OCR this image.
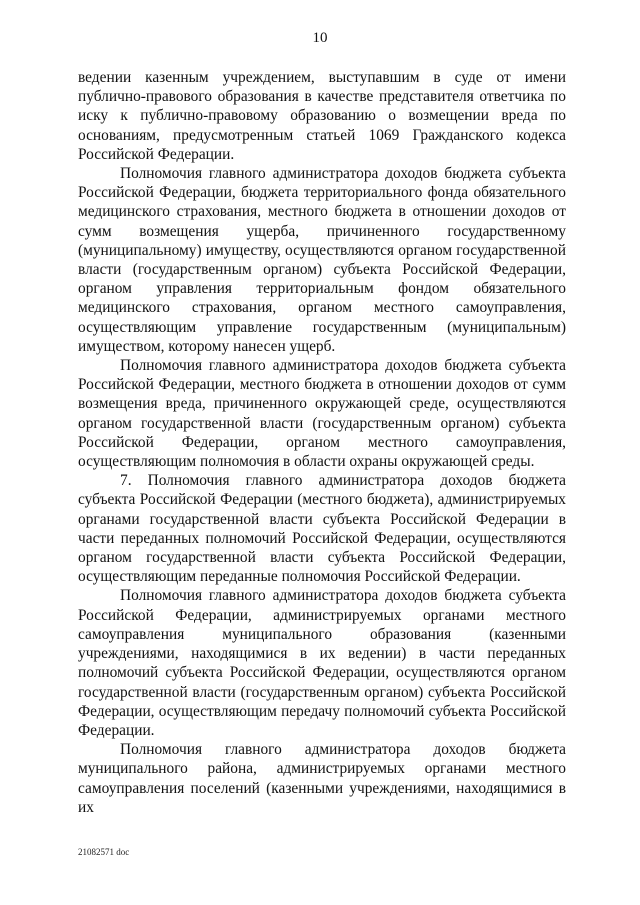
10

ведении казенным учреждением, выступавшим в суде от имени публично-правового образования в качестве представителя ответчика по иску к публично-правовому образованию о возмещении вреда по основаниям, предусмотренным статьей 1069 Гражданского кодекса Российской Федерации.

Полномочия главного администратора доходов бюджета субъекта Российской Федерации, бюджета территориального фонда обязательного медицинского страхования, местного бюджета в отношении доходов от сумм возмещения ущерба, причиненного государственному (муниципальному) имуществу, осуществляются органом государственной власти (государственным органом) субъекта Российской Федерации, органом управления территориальным фондом обязательного медицинского страхования, органом местного самоуправления, осуществляющим управление государственным (муниципальным) имуществом, которому нанесен ущерб.

Полномочия главного администратора доходов бюджета субъекта Российской Федерации, местного бюджета в отношении доходов от сумм возмещения вреда, причиненного окружающей среде, осуществляются органом государственной власти (государственным органом) субъекта Российской Федерации, органом местного самоуправления, осуществляющим полномочия в области охраны окружающей среды.

7. Полномочия главного администратора доходов бюджета субъекта Российской Федерации (местного бюджета), администрируемых органами государственной власти субъекта Российской Федерации в части переданных полномочий Российской Федерации, осуществляются органом государственной власти субъекта Российской Федерации, осуществляющим переданные полномочия Российской Федерации.

Полномочия главного администратора доходов бюджета субъекта Российской Федерации, администрируемых органами местного самоуправления муниципального образования (казенными учреждениями, находящимися в их ведении) в части переданных полномочий субъекта Российской Федерации, осуществляются органом государственной власти (государственным органом) субъекта Российской Федерации, осуществляющим передачу полномочий субъекта Российской Федерации.

Полномочия главного администратора доходов бюджета муниципального района, администрируемых органами местного самоуправления поселений (казенными учреждениями, находящимися в их

21082571 doc
